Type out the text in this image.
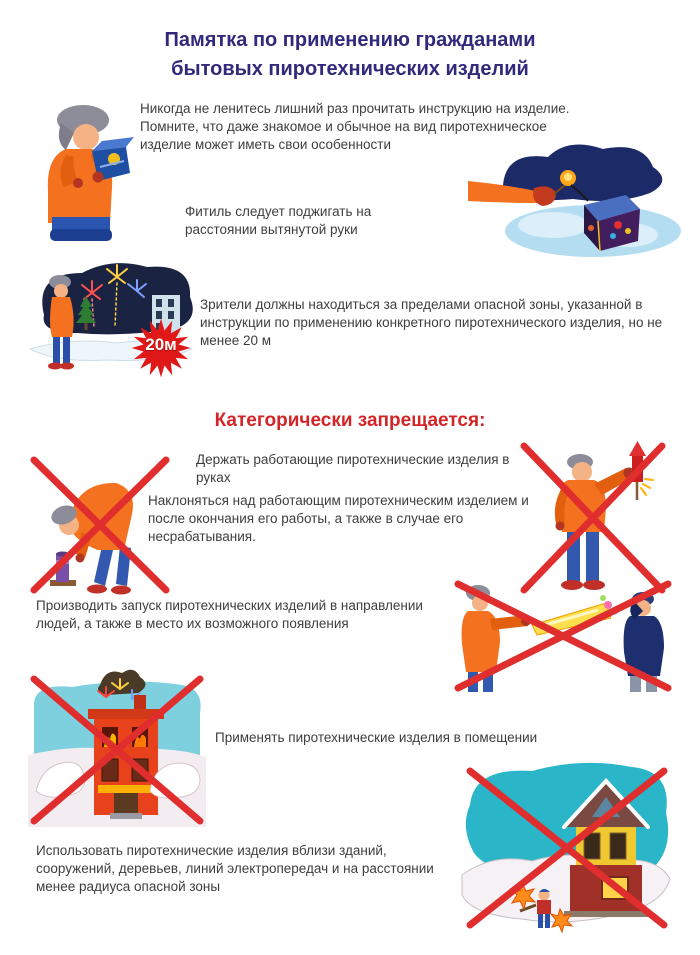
Памятка по применению гражданами
бытовых пиротехнических изделий

Никогда не ленитесь лишний раз прочитать инструкцию на изделие. Помните, что даже знакомое и обычное на вид пиротехническое изделие может иметь свои особенности

Фитиль следует поджигать на расстоянии вытянутой руки

20м

Зрители должны находиться за пределами опасной зоны, указанной в инструкции по применению конкретного пиротехнического изделия, но не менее 20 м

Категорически запрещается:

Держать работающие пиротехнические изделия в руках

Наклоняться над работающим пиротехническим изделием и после окончания его работы, а также в случае его несрабатывания.

Производить запуск пиротехнических изделий в направлении людей, а также в место их возможного появления

Применять пиротехнические изделия в помещении

Использовать пиротехнические изделия вблизи зданий, сооружений, деревьев, линий электропередач и на расстоянии менее радиуса опасной зоны
